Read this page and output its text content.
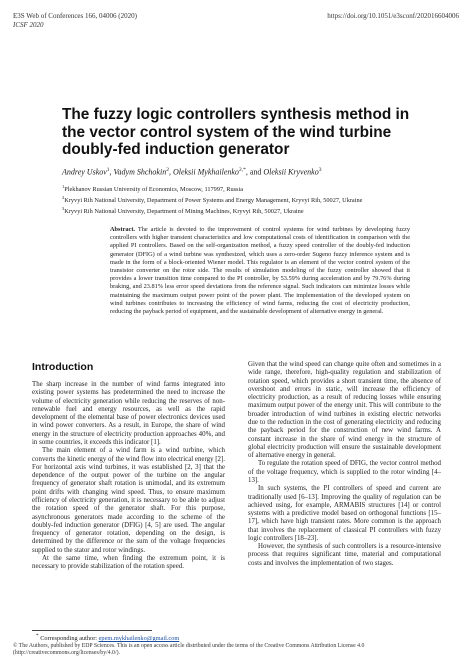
E3S Web of Conferences 166, 04006 (2020)
ICSF 2020
https://doi.org/10.1051/e3sconf/202016604006
The fuzzy logic controllers synthesis method in the vector control system of the wind turbine doubly-fed induction generator
Andrey Uskov$^1$, Vadym Shchokin$^2$, Oleksii Mykhailenko$^{2,*}$, and Oleksii Kryvenko$^3$
$^1$Plekhanov Russian University of Economics, Moscow, 117997, Russia
$^2$Kryvyi Rih National University, Department of Power Systems and Energy Management, Kryvyi Rih, 50027, Ukraine
$^3$Kryvyi Rih National University, Department of Mining Machines, Kryvyi Rih, 50027, Ukraine
Abstract. The article is devoted to the improvement of control systems for wind turbines by developing fuzzy controllers with higher transient characteristics and low computational costs of identification in comparison with the applied PI controllers. Based on the self-organization method, a fuzzy speed controller of the doubly-fed induction generator (DFIG) of a wind turbine was synthesized, which uses a zero-order Sugeno fuzzy inference system and is made in the form of a block-oriented Wiener model. This regulator is an element of the vector control system of the transistor converter on the rotor side. The results of simulation modeling of the fuzzy controller showed that it provides a lower transition time compared to the PI controller, by 53.59% during acceleration and by 79.76% during braking, and 23.81% less error speed deviations from the reference signal. Such indicators can minimize losses while maintaining the maximum output power point of the power plant. The implementation of the developed system on wind turbines contributes to increasing the efficiency of wind farms, reducing the cost of electricity production, reducing the payback period of equipment, and the sustainable development of alternative energy in general.
Introduction

The sharp increase in the number of wind farms integrated into existing power systems has predetermined the need to increase the volume of electricity generation while reducing the reserves of non-renewable fuel and energy resources, as well as the rapid development of the elemental base of power electronics devices used in wind power converters. As a result, in Europe, the share of wind energy in the structure of electricity production approaches 40%, and in some countries, it exceeds this indicator [1].

The main element of a wind farm is a wind turbine, which converts the kinetic energy of the wind flow into electrical energy [2]. For horizontal axis wind turbines, it was established [2, 3] that the dependence of the output power of the turbine on the angular frequency of generator shaft rotation is unimodal, and its extremum point drifts with changing wind speed. Thus, to ensure maximum efficiency of electricity generation, it is necessary to be able to adjust the rotation speed of the generator shaft. For this purpose, asynchronous generators made according to the scheme of the doubly-fed induction generator (DFIG) [4, 5] are used. The angular frequency of generator rotation, depending on the design, is determined by the difference or the sum of the voltage frequencies supplied to the stator and rotor windings.

At the same time, when finding the extremum point, it is necessary to provide stabilization of the rotation speed.

Given that the wind speed can change quite often and sometimes in a wide range, therefore, high-quality regulation and stabilization of rotation speed, which provides a short transient time, the absence of overshoot and errors in static, will increase the efficiency of electricity production, as a result of reducing losses while ensuring maximum output power of the energy unit. This will contribute to the broader introduction of wind turbines in existing electric networks due to the reduction in the cost of generating electricity and reducing the payback period for the construction of new wind farms. A constant increase in the share of wind energy in the structure of global electricity production will ensure the sustainable development of alternative energy in general.

To regulate the rotation speed of DFIG, the vector control method of the voltage frequency, which is supplied to the rotor winding [4–13].

In such systems, the PI controllers of speed and current are traditionally used [6–13]. Improving the quality of regulation can be achieved using, for example, ARMABIS structures [14] or control systems with a predictive model based on orthogonal functions [15–17], which have high transient rates. More common is the approach that involves the replacement of classical PI controllers with fuzzy logic controllers [18–23].

However, the synthesis of such controllers is a resource-intensive process that requires significant time, material and computational costs and involves the implementation of two stages.

* Corresponding author: epem.mykhailenko@gmail.com
© The Authors, published by EDP Sciences. This is an open access article distributed under the terms of the Creative Commons Attribution License 4.0 (http://creativecommons.org/licenses/by/4.0/).
